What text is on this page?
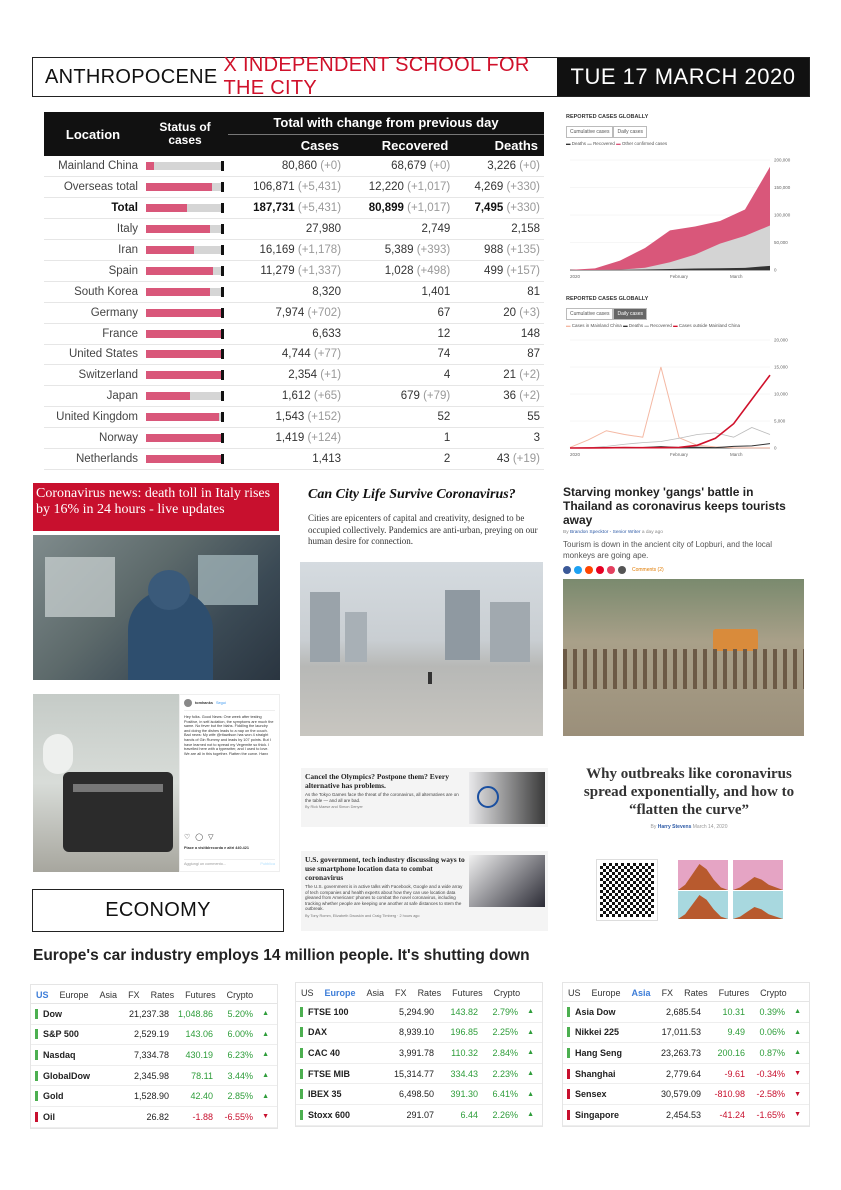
ANTHROPOCENE
X INDEPENDENT SCHOOL FOR THE CITY	TUE 17 MARCH 2020
Location	Status of cases	Total with change from previous day		
		Cases	Recovered	Deaths
Mainland China		80,860 (+0)	68,679 (+0)	3,226 (+0)
Overseas total		106,871 (+5,431)	12,220 (+1,017)	4,269 (+330)
Total		187,731 (+5,431)	80,899 (+1,017)	7,495 (+330)
Italy		27,980	2,749	2,158
Iran		16,169 (+1,178)	5,389 (+393)	988 (+135)
Spain		11,279 (+1,337)	1,028 (+498)	499 (+157)
South Korea		8,320	1,401	81
Germany		7,974 (+702)	67	20 (+3)
France		6,633	12	148
United States		4,744 (+77)	74	87
Switzerland		2,354 (+1)	4	21 (+2)
Japan		1,612 (+65)	679 (+79)	36 (+2)
United Kingdom		1,543 (+152)	52	55
Norway		1,419 (+124)	1	3
Netherlands		1,413	2	43 (+19)
REPORTED CASES GLOBALLY
Cumulative cases	Daily cases
▬ Deaths ▬ Recovered ▬ Other confirmed cases
200,000
150,000
100,000
50,000
0
2020	February	March
REPORTED CASES GLOBALLY
Cumulative cases	Daily cases
▬ Cases in Mainland China ▬ Deaths ▬ Recovered ▬ Cases outside Mainland China
20,000
15,000
10,000
5,000
0
2020	February	March
Coronavirus news: death toll in Italy rises by 16% in 24 hours - live updates
tomhanks Seguí
Hey folks. Good News: One week after testing Positive, in self-isolation, the symptoms are much the same. No fever but the blahs. Fiddling the laundry and doing the dishes leads to a nap on the couch. Bad news: My wife @ritawilson has won 4 straight hands of Gin Rummy and leads by 107 points. But I have learned not to spread my Vegemite so thick. I travelled here with a typewriter, and I used to love. We are all in this together. Flatten the curve. Hanx
♡ ◯ ▽
Piace a visitblrecorda e altri 440.421
Aggiungi un commento...	Pubblica
Can City Life Survive Coronavirus?

Cities are epicenters of capital and creativity, designed to be occupied collectively. Pandemics are anti-urban, preying on our human desire for connection.

Starving monkey 'gangs' battle in Thailand as coronavirus keeps tourists away
By Brandon Specktor - Senior Writer a day ago

Tourism is down in the ancient city of Lopburi, and the local monkeys are going ape.

Comments (2)
Cancel the Olympics? Postpone them? Every alternative has problems.

As the Tokyo Games face the threat of the coronavirus, all alternatives are on the table — and all are bad.

By Rick Maese and Simon Denyer
U.S. government, tech industry discussing ways to use smartphone location data to combat coronavirus

The U.S. government is in active talks with Facebook, Google and a wide array of tech companies and health experts about how they can use location data gleaned from Americans' phones to combat the novel coronavirus, including tracking whether people are keeping one another at safe distances to stem the outbreak.

By Tony Romm, Elizabeth Dwoskin and Craig Timberg · 2 hours ago
Why outbreaks like coronavirus spread exponentially, and how to “flatten the curve”
By Harry Stevens March 14, 2020
ECONOMY
Europe's car industry employs 14 million people. It's shutting down
US Europe Asia FX Rates Futures Crypto
Dow	21,237.38 1,048.86	5.20%	▲
S&P 500	2,529.19	143.06	6.00%	▲
Nasdaq	7,334.78	430.19	6.23%	▲
GlobalDow	2,345.98	78.11	3.44%	▲
Gold	1,528.90	42.40	2.85%	▲
Oil	26.82	-1.88	-6.55%	▼
US Europe Asia FX Rates Futures Crypto
FTSE 100	5,294.90	143.82	2.79%	▲
DAX	8,939.10	196.85	2.25%	▲
CAC 40	3,991.78	110.32	2.84%	▲
FTSE MIB	15,314.77	334.43	2.23%	▲
IBEX 35	6,498.50	391.30	6.41%	▲
Stoxx 600	291.07	6.44	2.26%	▲
US Europe Asia FX Rates Futures Crypto
Asia Dow	2,685.54	10.31	0.39%	▲
Nikkei 225	17,011.53	9.49	0.06%	▲
Hang Seng	23,263.73	200.16	0.87%	▲
Shanghai	2,779.64	-9.61	-0.34%	▼
Sensex	30,579.09	-810.98	-2.58%	▼
Singapore	2,454.53	-41.24	-1.65%	▼
